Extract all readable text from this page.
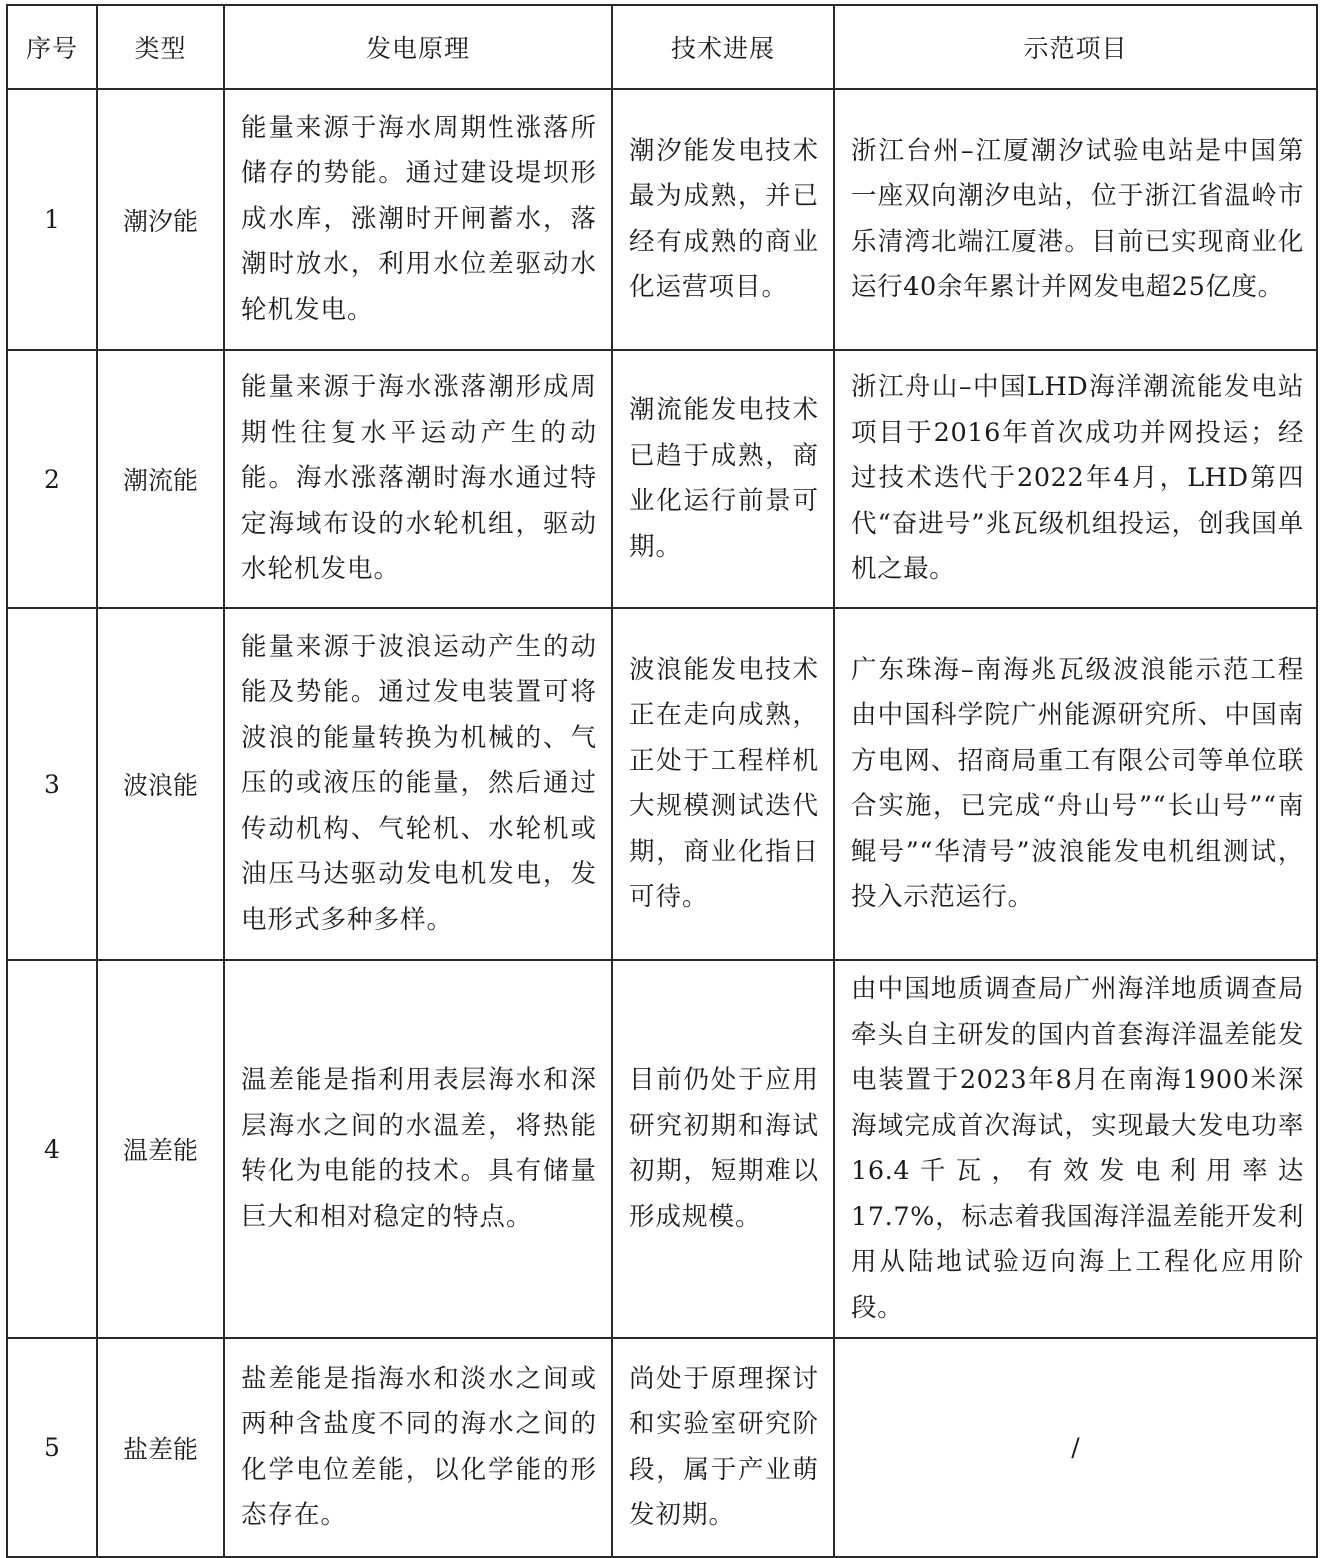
序号	类型	发电原理	技术进展	示范项目
1	潮汐能	能量来源于海水周期性涨落所储存的势能。通过建设堤坝形成水库，涨潮时开闸蓄水，落潮时放水，利用水位差驱动水轮机发电。	潮汐能发电技术最为成熟，并已经有成熟的商业化运营项目。	浙江台州–江厦潮汐试验电站是中国第一座双向潮汐电站，位于浙江省温岭市乐清湾北端江厦港。目前已实现商业化运行40余年累计并网发电超25亿度。
2	潮流能	能量来源于海水涨落潮形成周期性往复水平运动产生的动能。海水涨落潮时海水通过特定海域布设的水轮机组，驱动水轮机发电。	潮流能发电技术已趋于成熟，商业化运行前景可期。	浙江舟山–中国LHD海洋潮流能发电站项目于2016年首次成功并网投运；经过技术迭代于2022年4月，LHD第四代“奋进号”兆瓦级机组投运，创我国单机之最。
3	波浪能	能量来源于波浪运动产生的动能及势能。通过发电装置可将波浪的能量转换为机械的、气压的或液压的能量，然后通过传动机构、气轮机、水轮机或油压马达驱动发电机发电，发电形式多种多样。	波浪能发电技术正在走向成熟，正处于工程样机大规模测试迭代期，商业化指日可待。	广东珠海–南海兆瓦级波浪能示范工程由中国科学院广州能源研究所、中国南方电网、招商局重工有限公司等单位联合实施，已完成“舟山号”“长山号”“南鲲号”“华清号”波浪能发电机组测试，投入示范运行。
4	温差能	温差能是指利用表层海水和深层海水之间的水温差，将热能转化为电能的技术。具有储量巨大和相对稳定的特点。	目前仍处于应用研究初期和海试初期，短期难以形成规模。	由中国地质调查局广州海洋地质调查局牵头自主研发的国内首套海洋温差能发电装置于2023年8月在南海1900米深海域完成首次海试，实现最大发电功率16.4千瓦，有效发电利用率达17.7%，标志着我国海洋温差能开发利用从陆地试验迈向海上工程化应用阶段。
5	盐差能	盐差能是指海水和淡水之间或两种含盐度不同的海水之间的化学电位差能，以化学能的形态存在。	尚处于原理探讨和实验室研究阶段，属于产业萌发初期。	/
